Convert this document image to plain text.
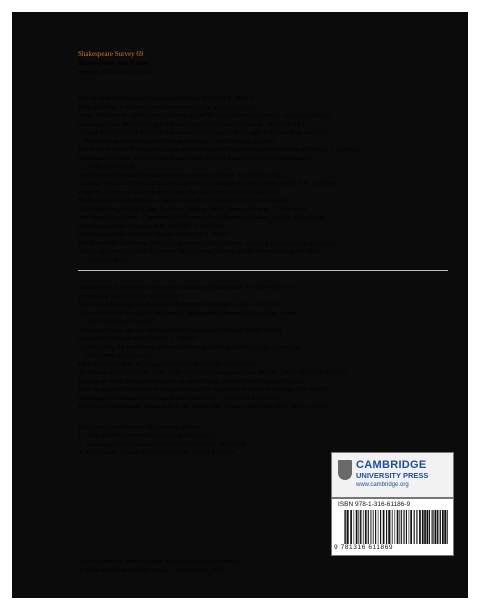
Shakespeare Survey 69
Shakespeare and Rome
Edited by PETER HOLLAND
Past the Size of Dreaming? Shakespeare's Rome ROBERT S. MIOLA
Puns and Prose: Reflections on Shakespeare's Usage MICHAEL SILK
'Away with him! He speaks Latin': 2 Henry VI and the Uses of Roman Antiquity DAVID CURRELL
Shakespeare and the Other Virgil: Pity and Imperium in Titus Andronicus PATRICK GRAY
'Though this be method, yet there is madness in't': Cutting Ovid's Tongue in Recent Stage and Film
Performances of Shakespeare's Titus Andronicus CHRISTIAN M. BILLING
The Noble Romans: When Julius Caesar and Antony and Cleopatra were made Sequels MICHAEL P. JENSEN
Shakespeare's Poems in Pieces: Venus and Adonis and The Rape of Lucrece Unanthologized
KATE RUMBOLD
The Ovidian Girlhood of Shakespeare's Boy Actors: Q2 Juliet HEATHER JAMES
'Lend me your ears': Listening Rhetoric and Political Ideology in Julius Caesar ESTHER B. SCHUPAK
Plutarch's Porcia and Shakespeare's Portia: Two of a Kind? GEORGE MANDEL
Shakespeare's Unholy Martyrs: Lessons in Politics DOMINIQUE GOY-BLANQUET
'A lean and hungry look': Sight, Ekphrasis, Irony in Julius Caesar and Henry V ROS KING
'Her strong toil of grace': Charismatic Performance from Queens to Quakers INEKE MURAKAMI
Coriolanus and the 'Common Part' ROBERT N. WATSON
Coriolanus and the Poetics of Disgust BRADLEY J. IRISH
The Household of Heroism: Metaphor, Economy and Coriolanus VERENA OLEJNICZAK LOBSIEN
'Those organnons by which it mooves': Shakespearian Theatre and the Romish Cult of the Dead
THOMAS RIST
'Another part of the forest': Editors and Locations in Shakespeare PETER WOMACK
Unmanning Juliet DENISE A. WALEN
The Second Tetralogy's Move from Achievements to Badges CERI SULLIVAN
'Let me not to the marriage of true minds': Shakespeare's Sonnet for Lady Mary Wroth
JANE KINGSLEY-SMITH
Voluptuous Language and Ambivalence in Shakespeare's Sonnets MATS MALM
Sympathetic Sonnets KATHARINE A. CRAIK
Authenticating the Inauthentic: Edmond Malone as Editor of Editions of the Apocryphal
Shakespeare REIKO OYA
Paper Worlds: A Story of Things Left Behind BARBARA HODGDON
An Intimate and Intermedial Form: Early Television Shakespeare from the BBC, 1937–39 JOHN WYVER
Tagging the Bard: Shakespeare Graffiti on and off Stage MARIACRISTINA CAVECCHI
William Dugdale's Monumental Inaccuracies and Shakespeare's Stratford Monument TOM REEDY
Shakespeare Performances in England (and Wales) 2015 STEPHEN PURCELL
Professional Shakespeare Productions in the British Isles, January–December 2014 JAMES SHAW
This Year's Contribution to Shakespeare Studies
1 Critical Studies reviewed by CHARLOTTE SCOTT
2 Shakespeare in Performance reviewed by RUSSELL JACKSON
3 Editions and Textual Studies reviewed by PETER KIRWAN
Cover illustration: Marlon Brando as Antony in the film version
of Julius Caesar directed by Joseph L. Mankiewicz, 1953
CAMBRIDGE
UNIVERSITY PRESS
www.cambridge.org
ISBN 978-1-316-61186-9
9 781316 611869
